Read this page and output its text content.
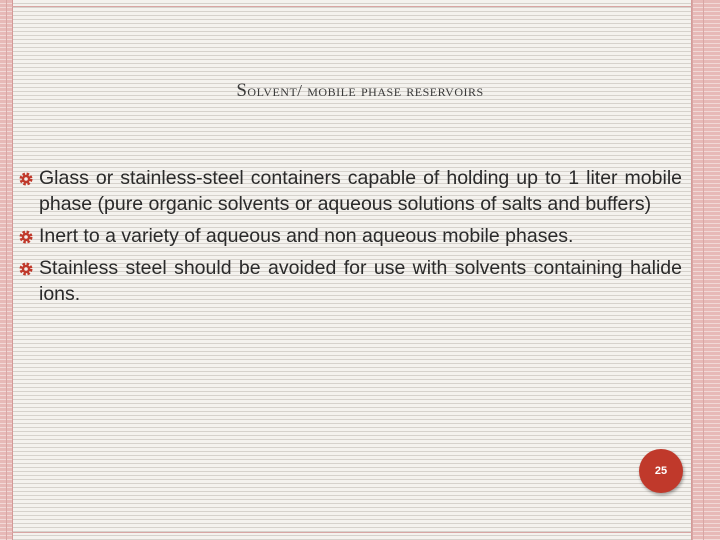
Solvent/ mobile phase reservoirs
Glass or stainless-steel containers capable of holding up to 1 liter mobile phase (pure organic solvents or aqueous solutions of salts and buffers)
Inert to a variety of aqueous and non aqueous mobile phases.
Stainless steel should be avoided for use with solvents containing halide ions.
25
